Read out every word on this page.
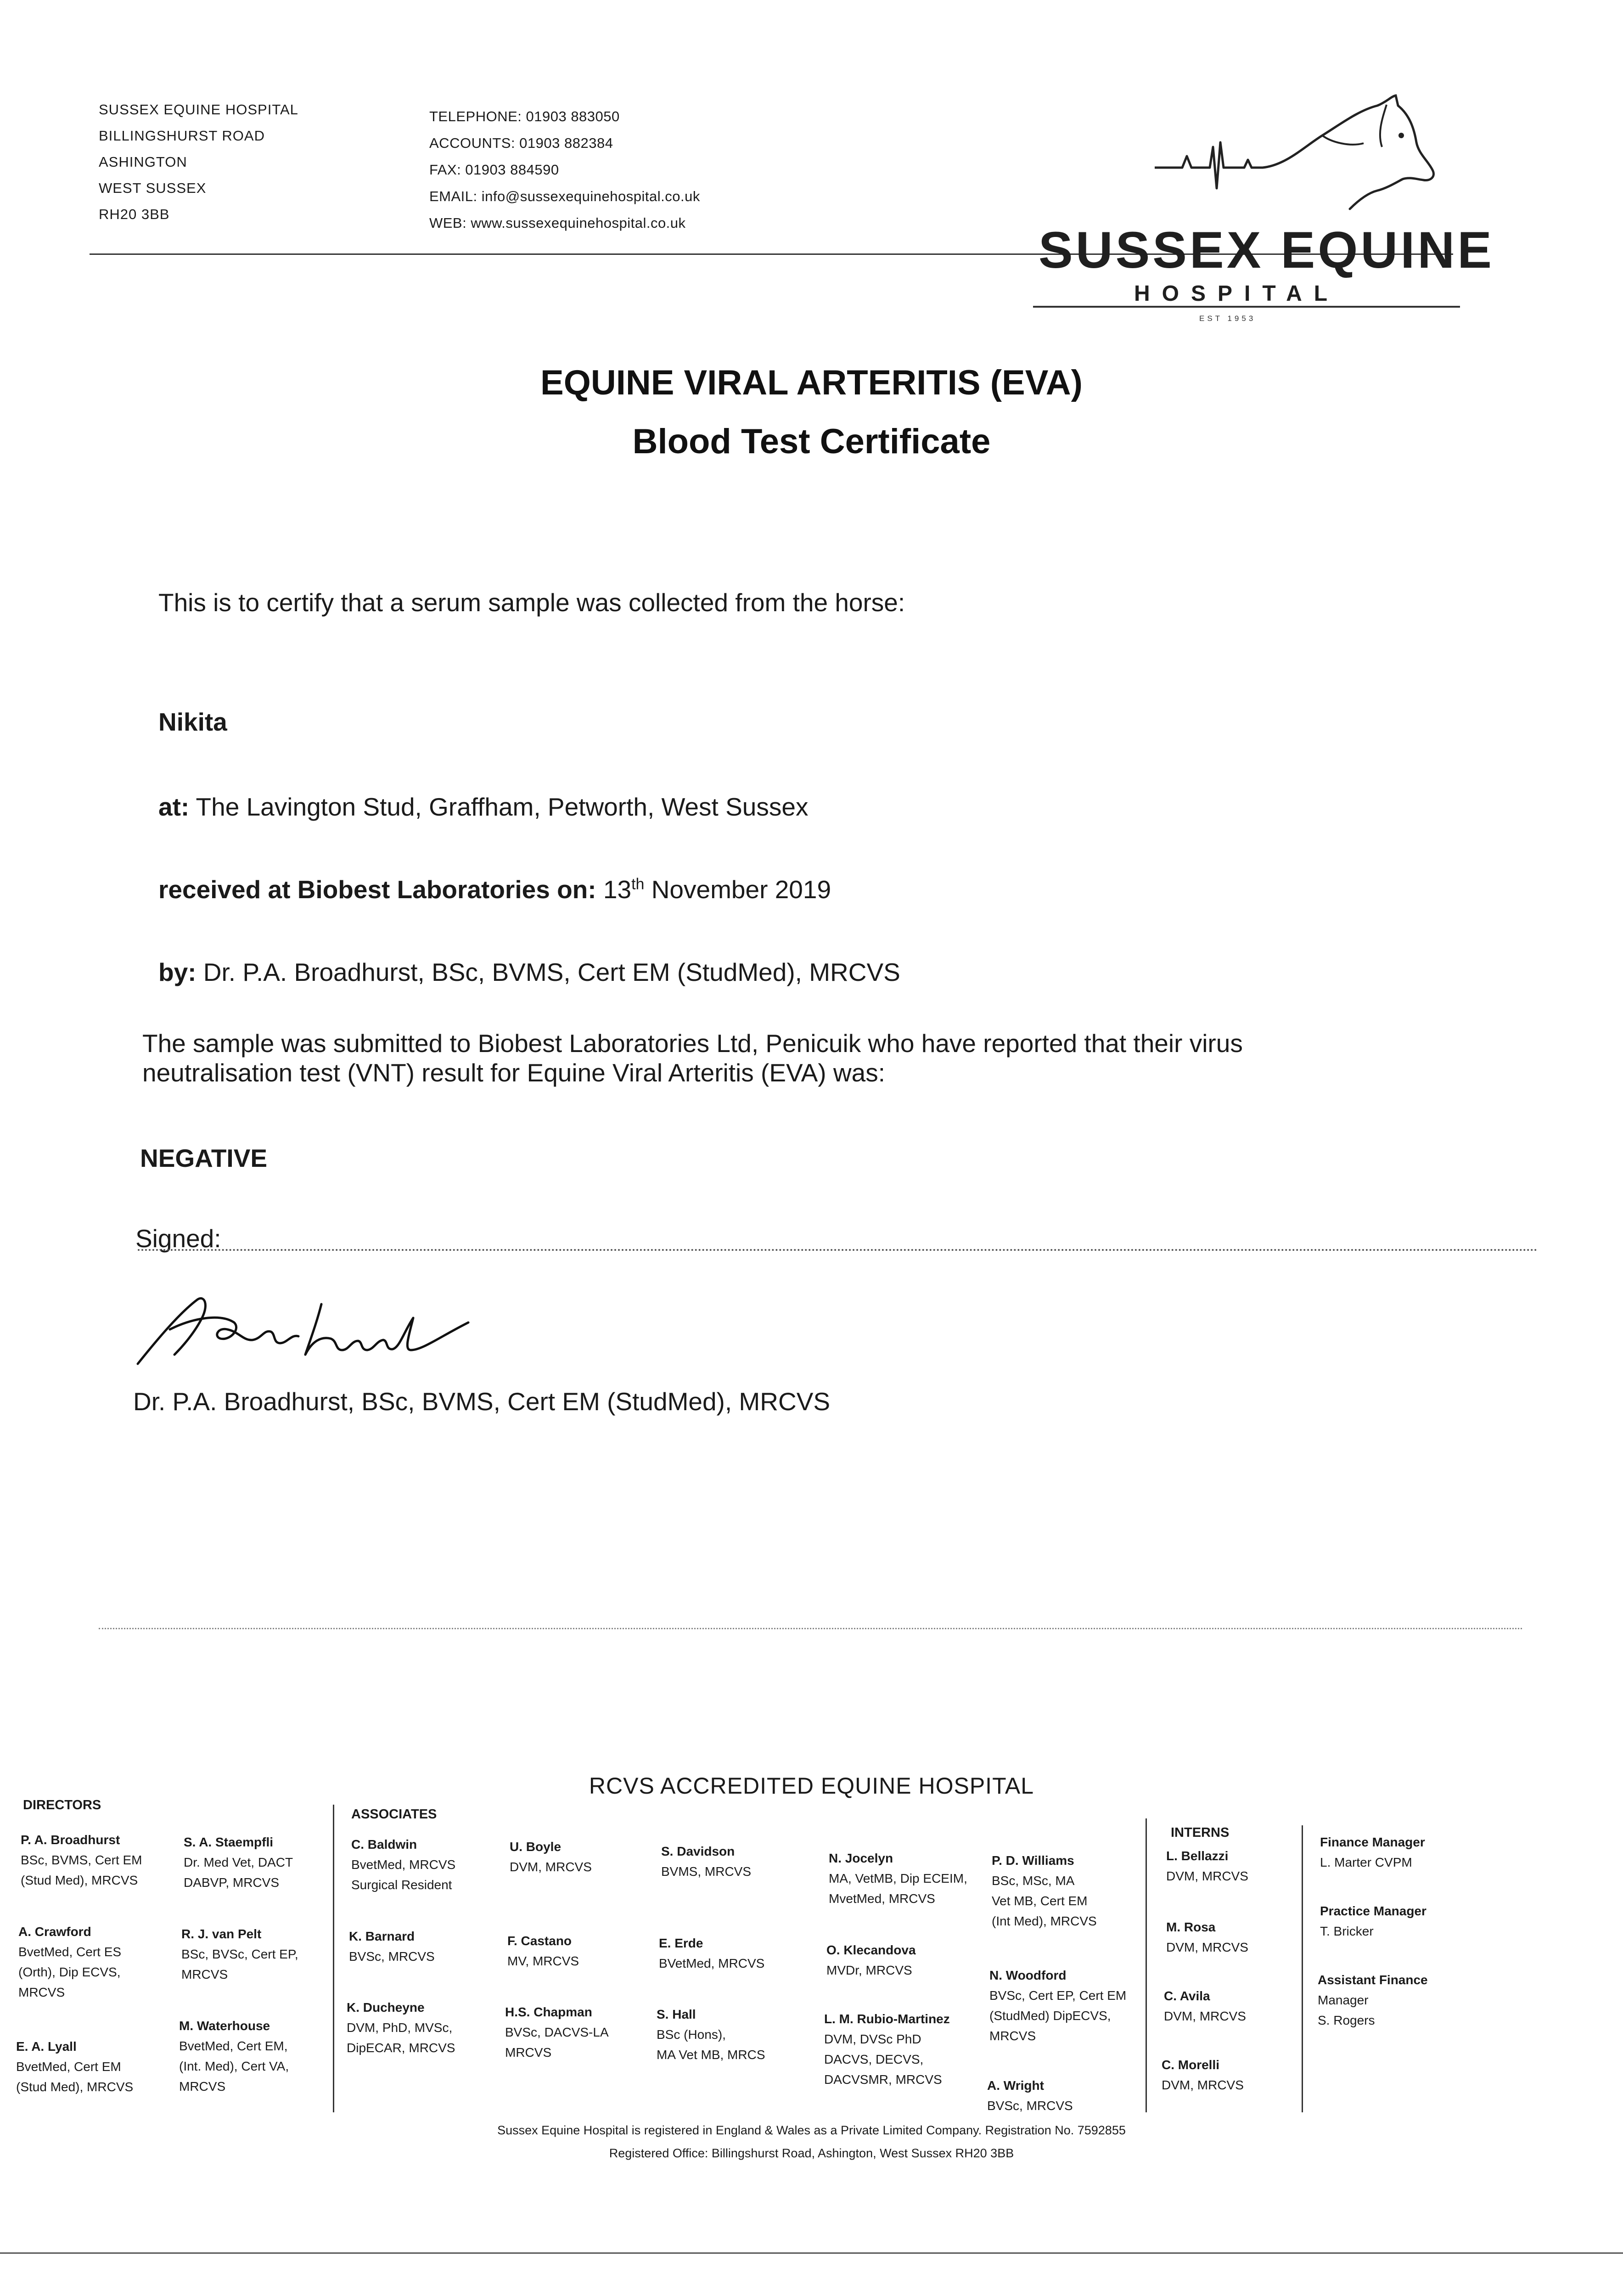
SUSSEX EQUINE HOSPITAL
BILLINGSHURST ROAD
ASHINGTON
WEST SUSSEX
RH20 3BB
TELEPHONE: 01903 883050
ACCOUNTS: 01903 882384
FAX: 01903 884590
EMAIL: info@sussexequinehospital.co.uk
WEB: www.sussexequinehospital.co.uk	SUSSEX EQUINE
HOSPITAL
EST 1953
EQUINE VIRAL ARTERITIS (EVA)
Blood Test Certificate
This is to certify that a serum sample was collected from the horse:
Nikita
at: The Lavington Stud, Graffham, Petworth, West Sussex
received at Biobest Laboratories on: 13th November 2019
by: Dr. P.A. Broadhurst, BSc, BVMS, Cert EM (StudMed), MRCVS
The sample was submitted to Biobest Laboratories Ltd, Penicuik who have reported that their virus neutralisation test (VNT) result for Equine Viral Arteritis (EVA) was:
NEGATIVE
Signed:
Dr. P.A. Broadhurst, BSc, BVMS, Cert EM (StudMed), MRCVS
RCVS ACCREDITED EQUINE HOSPITAL
DIRECTORS
ASSOCIATES
INTERNS
P. A. Broadhurst
BSc, BVMS, Cert EM
(Stud Med), MRCVS
A. Crawford
BvetMed, Cert ES
(Orth), Dip ECVS,
MRCVS
E. A. Lyall
BvetMed, Cert EM
(Stud Med), MRCVS
S. A. Staempfli
Dr. Med Vet, DACT
DABVP, MRCVS
R. J. van Pelt
BSc, BVSc, Cert EP,
MRCVS
M. Waterhouse
BvetMed, Cert EM,
(Int. Med), Cert VA,
MRCVS
C. Baldwin
BvetMed, MRCVS
Surgical Resident
K. Barnard
BVSc, MRCVS
K. Ducheyne
DVM, PhD, MVSc,
DipECAR, MRCVS
U. Boyle
DVM, MRCVS
F. Castano
MV, MRCVS
H.S. Chapman
BVSc, DACVS-LA
MRCVS
S. Davidson
BVMS, MRCVS
E. Erde
BVetMed, MRCVS
S. Hall
BSc (Hons),
MA Vet MB, MRCS
N. Jocelyn
MA, VetMB, Dip ECEIM,
MvetMed, MRCVS
O. Klecandova
MVDr, MRCVS
L. M. Rubio-Martinez
DVM, DVSc PhD
DACVS, DECVS,
DACVSMR, MRCVS
P. D. Williams
BSc, MSc, MA
Vet MB, Cert EM
(Int Med), MRCVS
N. Woodford
BVSc, Cert EP, Cert EM
(StudMed) DipECVS,
MRCVS
A. Wright
BVSc, MRCVS
L. Bellazzi
DVM, MRCVS
M. Rosa
DVM, MRCVS
C. Avila
DVM, MRCVS
C. Morelli
DVM, MRCVS
Finance Manager
L. Marter CVPM
Practice Manager
T. Bricker
Assistant Finance
Manager
S. Rogers
Sussex Equine Hospital is registered in England & Wales as a Private Limited Company. Registration No. 7592855
Registered Office: Billingshurst Road, Ashington, West Sussex RH20 3BB
